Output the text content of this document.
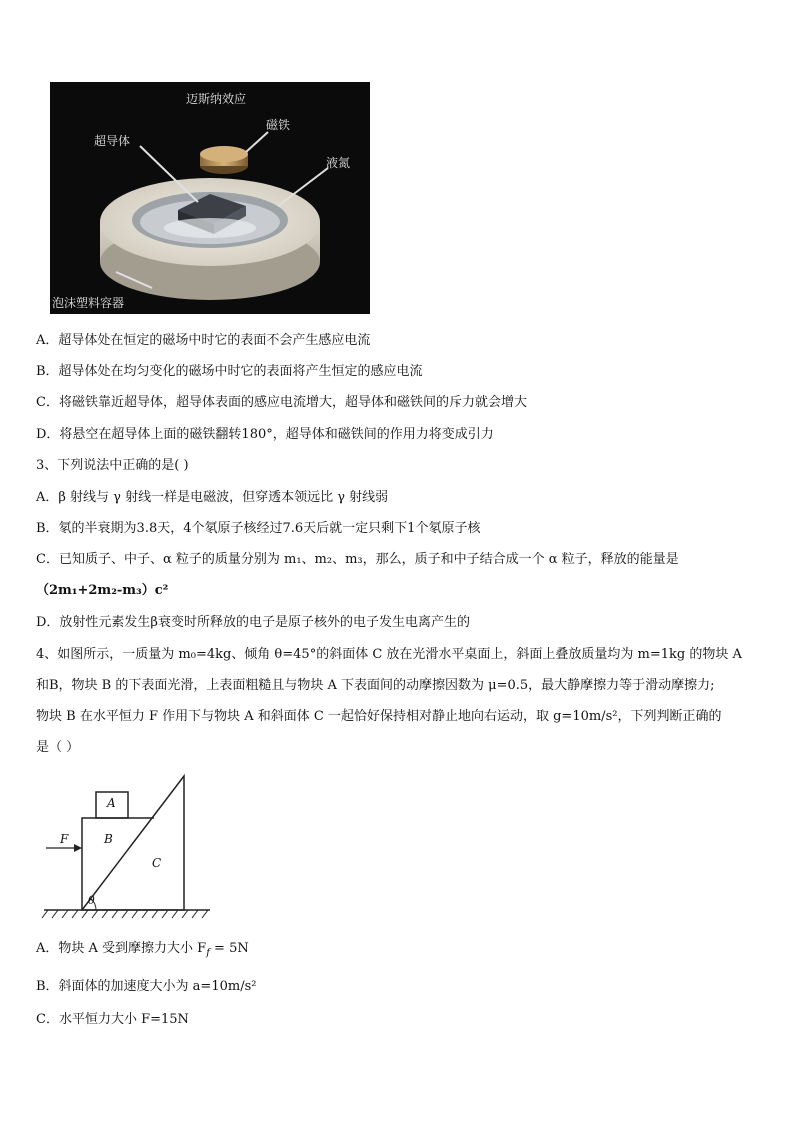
迈斯纳效应
超导体
磁铁
液氮
泡沫塑料容器
A．超导体处在恒定的磁场中时它的表面不会产生感应电流
B．超导体处在均匀变化的磁场中时它的表面将产生恒定的感应电流
C．将磁铁靠近超导体，超导体表面的感应电流增大，超导体和磁铁间的斥力就会增大
D．将悬空在超导体上面的磁铁翻转180°，超导体和磁铁间的作用力将变成引力
3、下列说法中正确的是( )
A．β 射线与 γ 射线一样是电磁波，但穿透本领远比 γ 射线弱
B．氡的半衰期为3.8天，4个氡原子核经过7.6天后就一定只剩下1个氡原子核
C．已知质子、中子、α 粒子的质量分别为 m₁、m₂、m₃，那么，质子和中子结合成一个 α 粒子，释放的能量是
（2m₁+2m₂-m₃）c²
D．放射性元素发生β衰变时所释放的电子是原子核外的电子发生电离产生的
4、如图所示，一质量为 m₀=4kg、倾角 θ=45°的斜面体 C 放在光滑水平桌面上，斜面上叠放质量均为 m=1kg 的物块 A
和B，物块 B 的下表面光滑，上表面粗糙且与物块 A 下表面间的动摩擦因数为 μ=0.5，最大静摩擦力等于滑动摩擦力;
物块 B 在水平恒力 F 作用下与物块 A 和斜面体 C 一起恰好保持相对静止地向右运动，取 g=10m/s²，下列判断正确的
是（ ）
A
B
C
F
θ
A．物块 A 受到摩擦力大小 $F_f = 5N$
B．斜面体的加速度大小为 a=10m/s²
C．水平恒力大小 F=15N
